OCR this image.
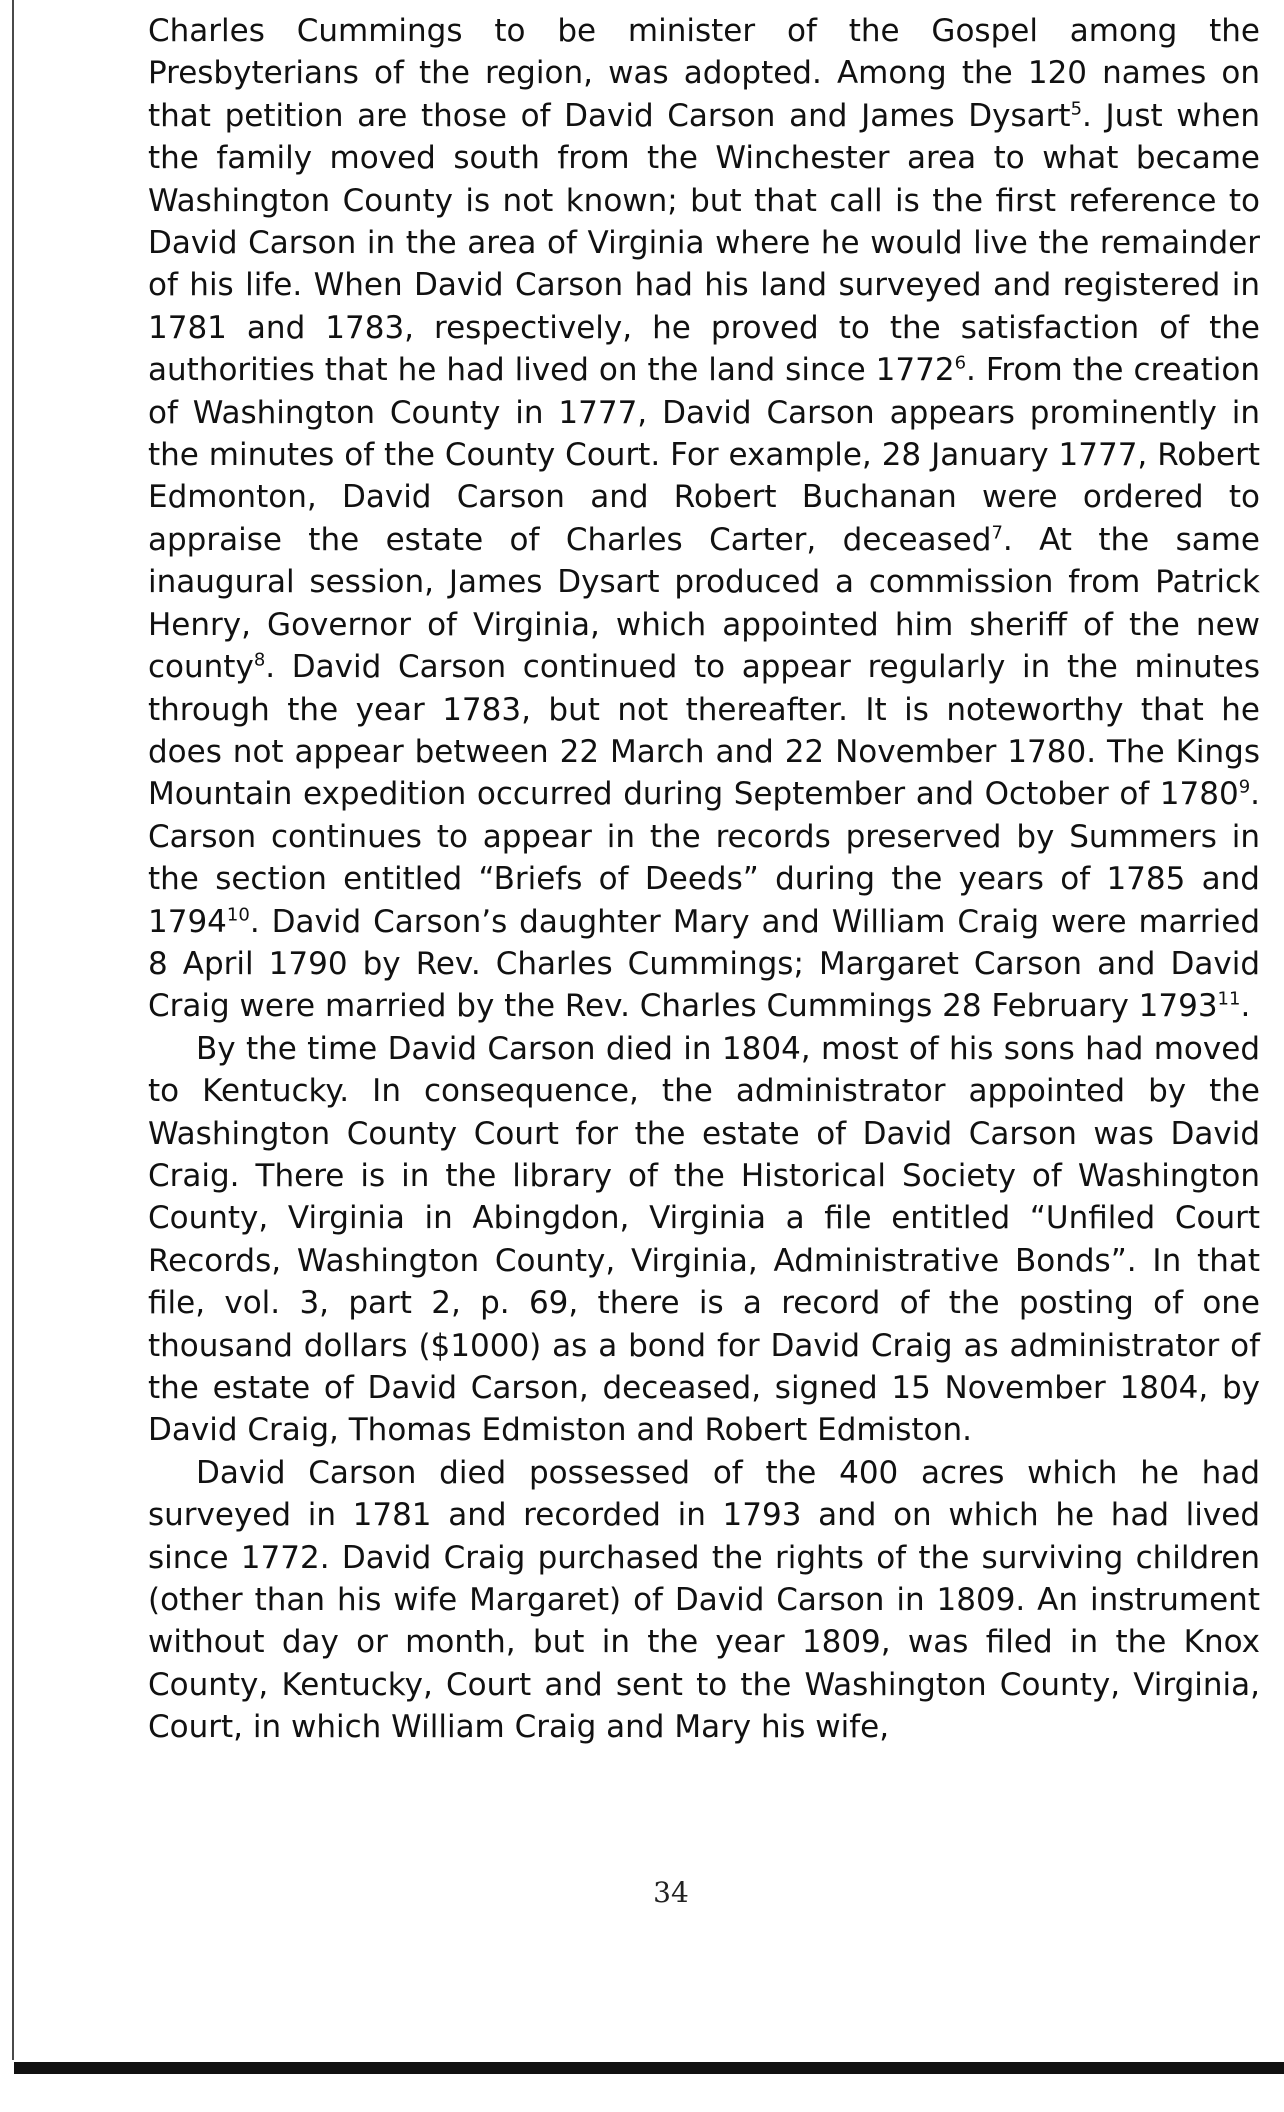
Charles Cummings to be minister of the Gospel among the Presbyterians of the region, was adopted. Among the 120 names on that petition are those of David Carson and James Dysart$^5$. Just when the family moved south from the Winchester area to what became Washington County is not known; but that call is the first reference to David Carson in the area of Virginia where he would live the remainder of his life. When David Carson had his land surveyed and registered in 1781 and 1783, respectively, he proved to the satisfaction of the authorities that he had lived on the land since 1772$^6$. From the creation of Washington County in 1777, David Carson appears prominently in the minutes of the County Court. For example, 28 January 1777, Robert Edmonton, David Carson and Robert Buchanan were ordered to appraise the estate of Charles Carter, deceased$^7$. At the same inaugural session, James Dysart produced a commission from Patrick Henry, Governor of Virginia, which appointed him sheriff of the new county$^8$. David Carson continued to appear regularly in the minutes through the year 1783, but not thereafter. It is noteworthy that he does not appear between 22 March and 22 November 1780. The Kings Mountain expedition occurred during September and October of 1780$^9$. Carson continues to appear in the records preserved by Summers in the section entitled “Briefs of Deeds” during the years of 1785 and 1794$^{10}$. David Carson’s daughter Mary and William Craig were married 8 April 1790 by Rev. Charles Cummings; Margaret Carson and David Craig were married by the Rev. Charles Cummings 28 February 1793$^{11}$.

By the time David Carson died in 1804, most of his sons had moved to Kentucky. In consequence, the administrator appointed by the Washington County Court for the estate of David Carson was David Craig. There is in the library of the Historical Society of Washington County, Virginia in Abingdon, Virginia a file entitled “Unfiled Court Records, Washington County, Virginia, Administrative Bonds”. In that file, vol. 3, part 2, p. 69, there is a record of the posting of one thousand dollars ($1000) as a bond for David Craig as administrator of the estate of David Carson, deceased, signed 15 November 1804, by David Craig, Thomas Edmiston and Robert Edmiston.

David Carson died possessed of the 400 acres which he had surveyed in 1781 and recorded in 1793 and on which he had lived since 1772. David Craig purchased the rights of the surviving children (other than his wife Margaret) of David Carson in 1809. An instrument without day or month, but in the year 1809, was filed in the Knox County, Kentucky, Court and sent to the Washington County, Virginia, Court, in which William Craig and Mary his wife,

34
